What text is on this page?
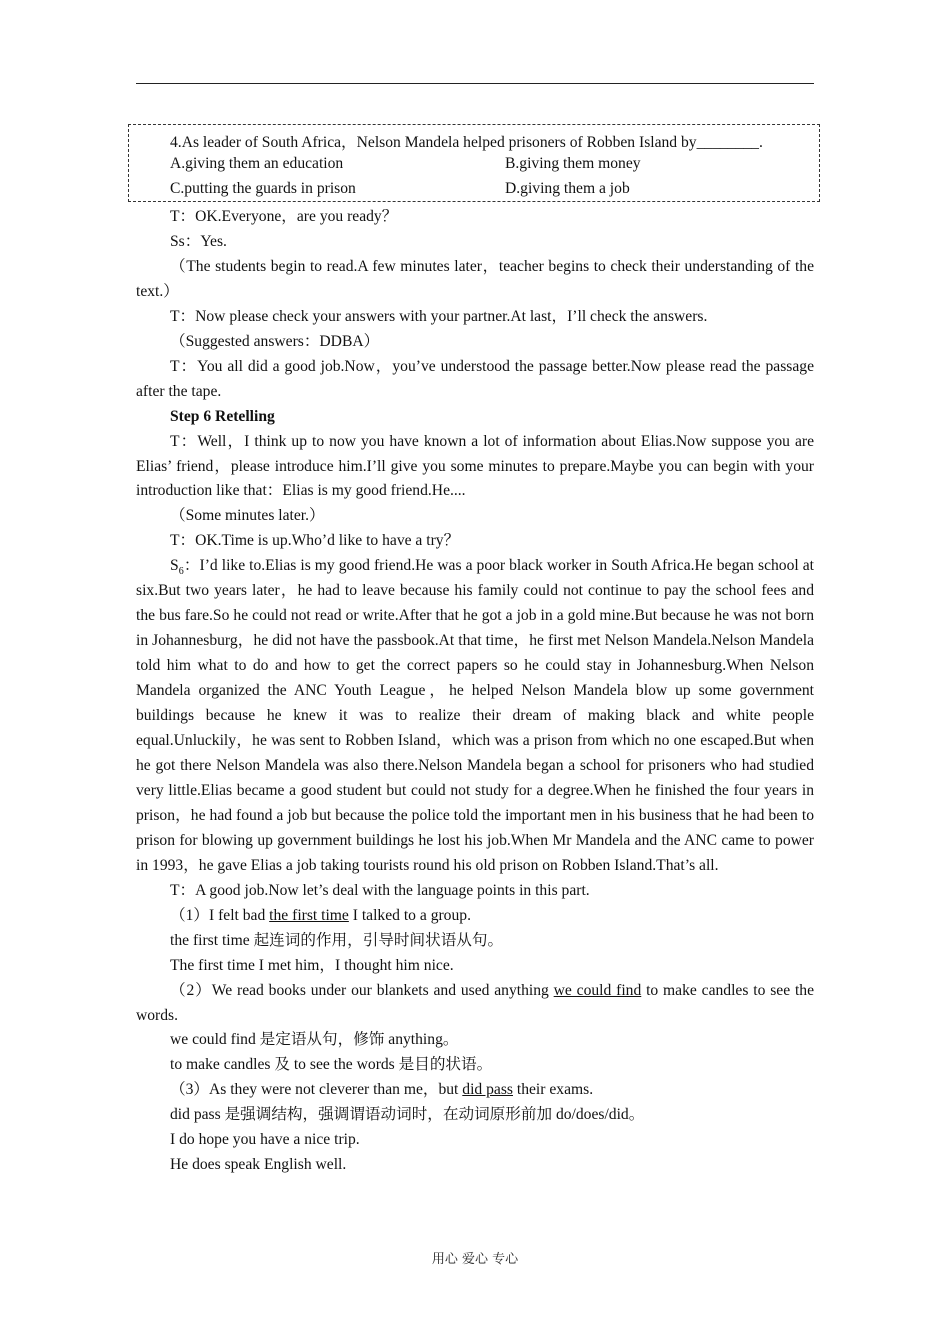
4.As leader of South Africa，Nelson Mandela helped prisoners of Robben Island by________.
A.giving them an education	B.giving them money
C.putting the guards in prison	D.giving them a job

T：OK.Everyone，are you ready？

Ss：Yes.

（The students begin to read.A few minutes later，teacher begins to check their understanding of the text.）

T：Now please check your answers with your partner.At last，I’ll check the answers.

（Suggested answers：DDBA）

T：You all did a good job.Now，you’ve understood the passage better.Now please read the passage after the tape.

Step 6 Retelling

T：Well，I think up to now you have known a lot of information about Elias.Now suppose you are Elias’ friend，please introduce him.I’ll give you some minutes to prepare.Maybe you can begin with your introduction like that：Elias is my good friend.He....

（Some minutes later.）

T：OK.Time is up.Who’d like to have a try？

$S_6$：I’d like to.Elias is my good friend.He was a poor black worker in South Africa.He began school at six.But two years later，he had to leave because his family could not continue to pay the school fees and the bus fare.So he could not read or write.After that he got a job in a gold mine.But because he was not born in Johannesburg，he did not have the passbook.At that time，he first met Nelson Mandela.Nelson Mandela told him what to do and how to get the correct papers so he could stay in Johannesburg.When Nelson Mandela organized the ANC Youth League，he helped Nelson Mandela blow up some government buildings because he knew it was to realize their dream of making black and white people equal.Unluckily，he was sent to Robben Island，which was a prison from which no one escaped.But when he got there Nelson Mandela was also there.Nelson Mandela began a school for prisoners who had studied very little.Elias became a good student but could not study for a degree.When he finished the four years in prison，he had found a job but because the police told the important men in his business that he had been to prison for blowing up government buildings he lost his job.When Mr Mandela and the ANC came to power in 1993，he gave Elias a job taking tourists round his old prison on Robben Island.That’s all.

T：A good job.Now let’s deal with the language points in this part.

（1）I felt bad the first time I talked to a group.

the first time 起连词的作用，引导时间状语从句。

The first time I met him，I thought him nice.

（2）We read books under our blankets and used anything we could find to make candles to see the words.

we could find 是定语从句，修饰 anything。

to make candles 及 to see the words 是目的状语。

（3）As they were not cleverer than me，but did pass their exams.

did pass 是强调结构，强调谓语动词时，在动词原形前加 do/does/did。

I do hope you have a nice trip.

He does speak English well.

用心 爱心 专心
